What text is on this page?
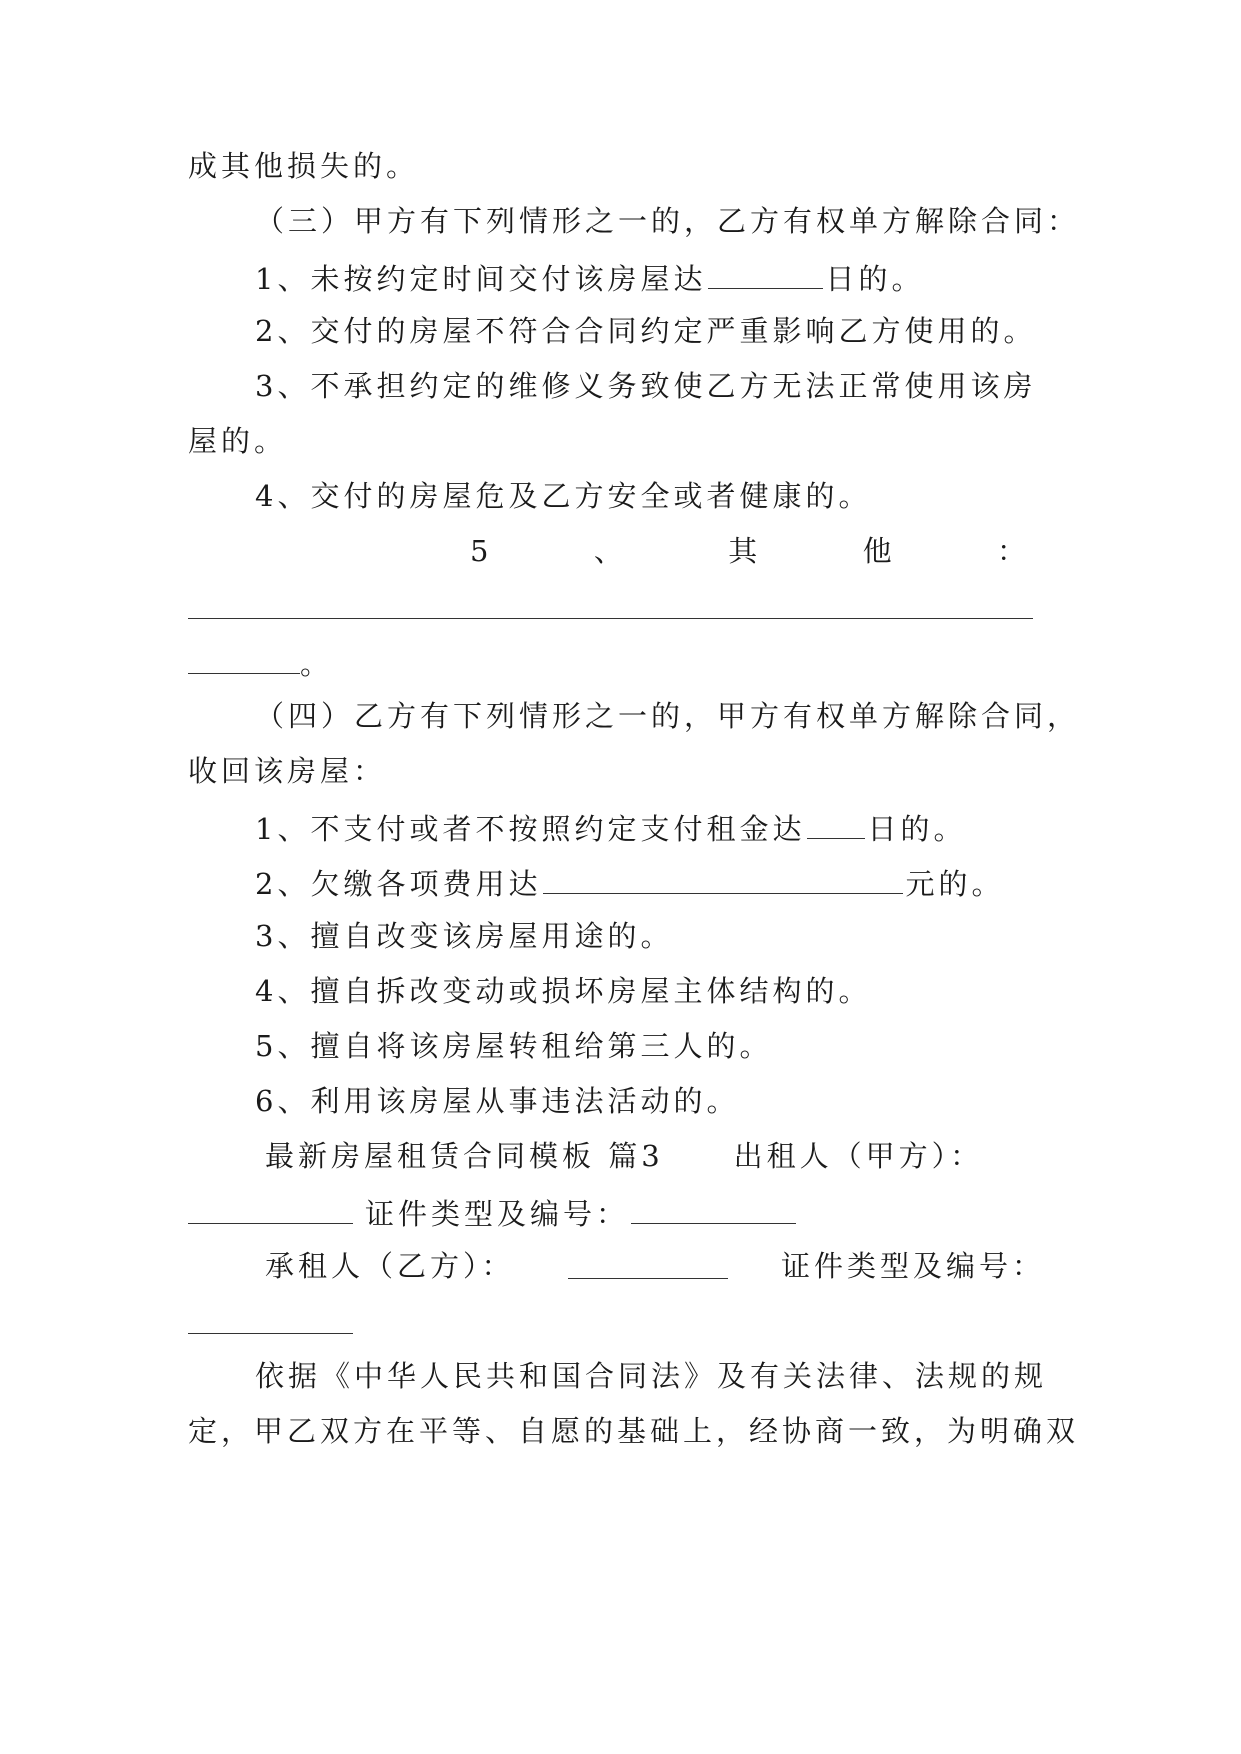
成其他损失的。
（三）甲方有下列情形之一的，乙方有权单方解除合同：
1、未按约定时间交付该房屋达	日的。
2、交付的房屋不符合合同约定严重影响乙方使用的。
3、不承担约定的维修义务致使乙方无法正常使用该房
屋的。
4、交付的房屋危及乙方安全或者健康的。
5	、	其	他	：
。
（四）乙方有下列情形之一的，甲方有权单方解除合同，
收回该房屋：
1、不支付或者不按照约定支付租金达 日的。
2、欠缴各项费用达	元的。
3、擅自改变该房屋用途的。
4、擅自拆改变动或损坏房屋主体结构的。
5、擅自将该房屋转租给第三人的。
6、利用该房屋从事违法活动的。
最新房屋租赁合同模板 篇3 出租人（甲方）：
证件类型及编号：
承租人（乙方）：	证件类型及编号：
依据《中华人民共和国合同法》及有关法律、法规的规
定，甲乙双方在平等、自愿的基础上，经协商一致，为明确双
